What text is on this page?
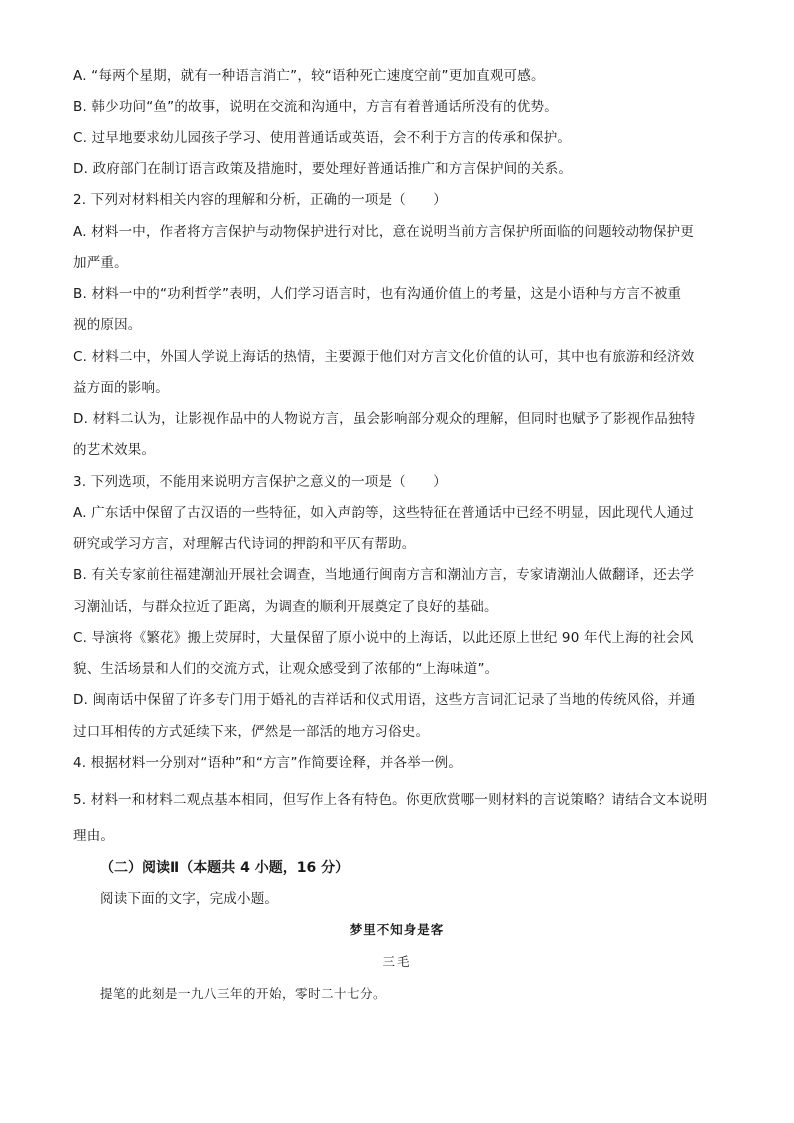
A. “每两个星期，就有一种语言消亡”，较“语种死亡速度空前”更加直观可感。
B. 韩少功问“鱼”的故事，说明在交流和沟通中，方言有着普通话所没有的优势。
C. 过早地要求幼儿园孩子学习、使用普通话或英语，会不利于方言的传承和保护。
D. 政府部门在制订语言政策及措施时，要处理好普通话推广和方言保护间的关系。
2. 下列对材料相关内容的理解和分析，正确的一项是（　　）
A. 材料一中，作者将方言保护与动物保护进行对比，意在说明当前方言保护所面临的问题较动物保护更
加严重。
B. 材料一中的“功利哲学”表明，人们学习语言时，也有沟通价值上的考量，这是小语种与方言不被重
视的原因。
C. 材料二中，外国人学说上海话的热情，主要源于他们对方言文化价值的认可，其中也有旅游和经济效
益方面的影响。
D. 材料二认为，让影视作品中的人物说方言，虽会影响部分观众的理解，但同时也赋予了影视作品独特
的艺术效果。
3. 下列选项，不能用来说明方言保护之意义的一项是（　　）
A. 广东话中保留了古汉语的一些特征，如入声韵等，这些特征在普通话中已经不明显，因此现代人通过
研究或学习方言，对理解古代诗词的押韵和平仄有帮助。
B. 有关专家前往福建潮汕开展社会调查，当地通行闽南方言和潮汕方言，专家请潮汕人做翻译，还去学
习潮汕话，与群众拉近了距离，为调查的顺利开展奠定了良好的基础。
C. 导演将《繁花》搬上荧屏时，大量保留了原小说中的上海话，以此还原上世纪 90 年代上海的社会风
貌、生活场景和人们的交流方式，让观众感受到了浓郁的“上海味道”。
D. 闽南话中保留了许多专门用于婚礼的吉祥话和仪式用语，这些方言词汇记录了当地的传统风俗，并通
过口耳相传的方式延续下来，俨然是一部活的地方习俗史。
4. 根据材料一分别对“语种”和“方言”作简要诠释，并各举一例。
5. 材料一和材料二观点基本相同，但写作上各有特色。你更欣赏哪一则材料的言说策略？请结合文本说明
理由。
（二）阅读Ⅱ（本题共 4 小题，16 分）
阅读下面的文字，完成小题。
梦里不知身是客
三毛
提笔的此刻是一九八三年的开始，零时二十七分。
